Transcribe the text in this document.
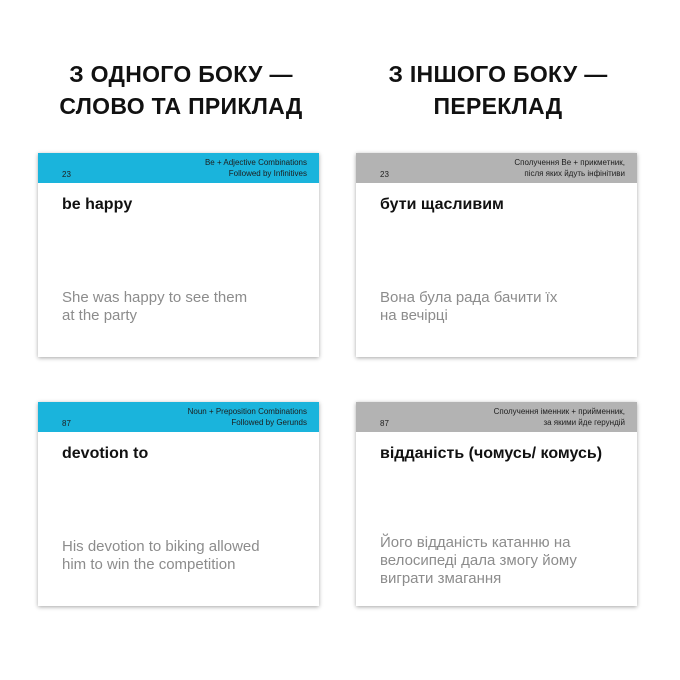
З ОДНОГО БОКУ —
СЛОВО ТА ПРИКЛАД
З ІНШОГО БОКУ —
ПЕРЕКЛАД
23
Be + Adjective Combinations
Followed by Infinitives
be happy
She was happy to see them
at the party
23
Сполучення Be + прикметник,
після яких йдуть інфінітиви
бути щасливим
Вона була рада бачити їх
на вечірці
87
Noun + Preposition Combinations
Followed by Gerunds
devotion to
His devotion to biking allowed
him to win the competition
87
Сполучення іменник + прийменник,
за якими йде герундій
відданість (чомусь/ комусь)
Його відданість катанню на
велосипеді дала змогу йому
виграти змагання
